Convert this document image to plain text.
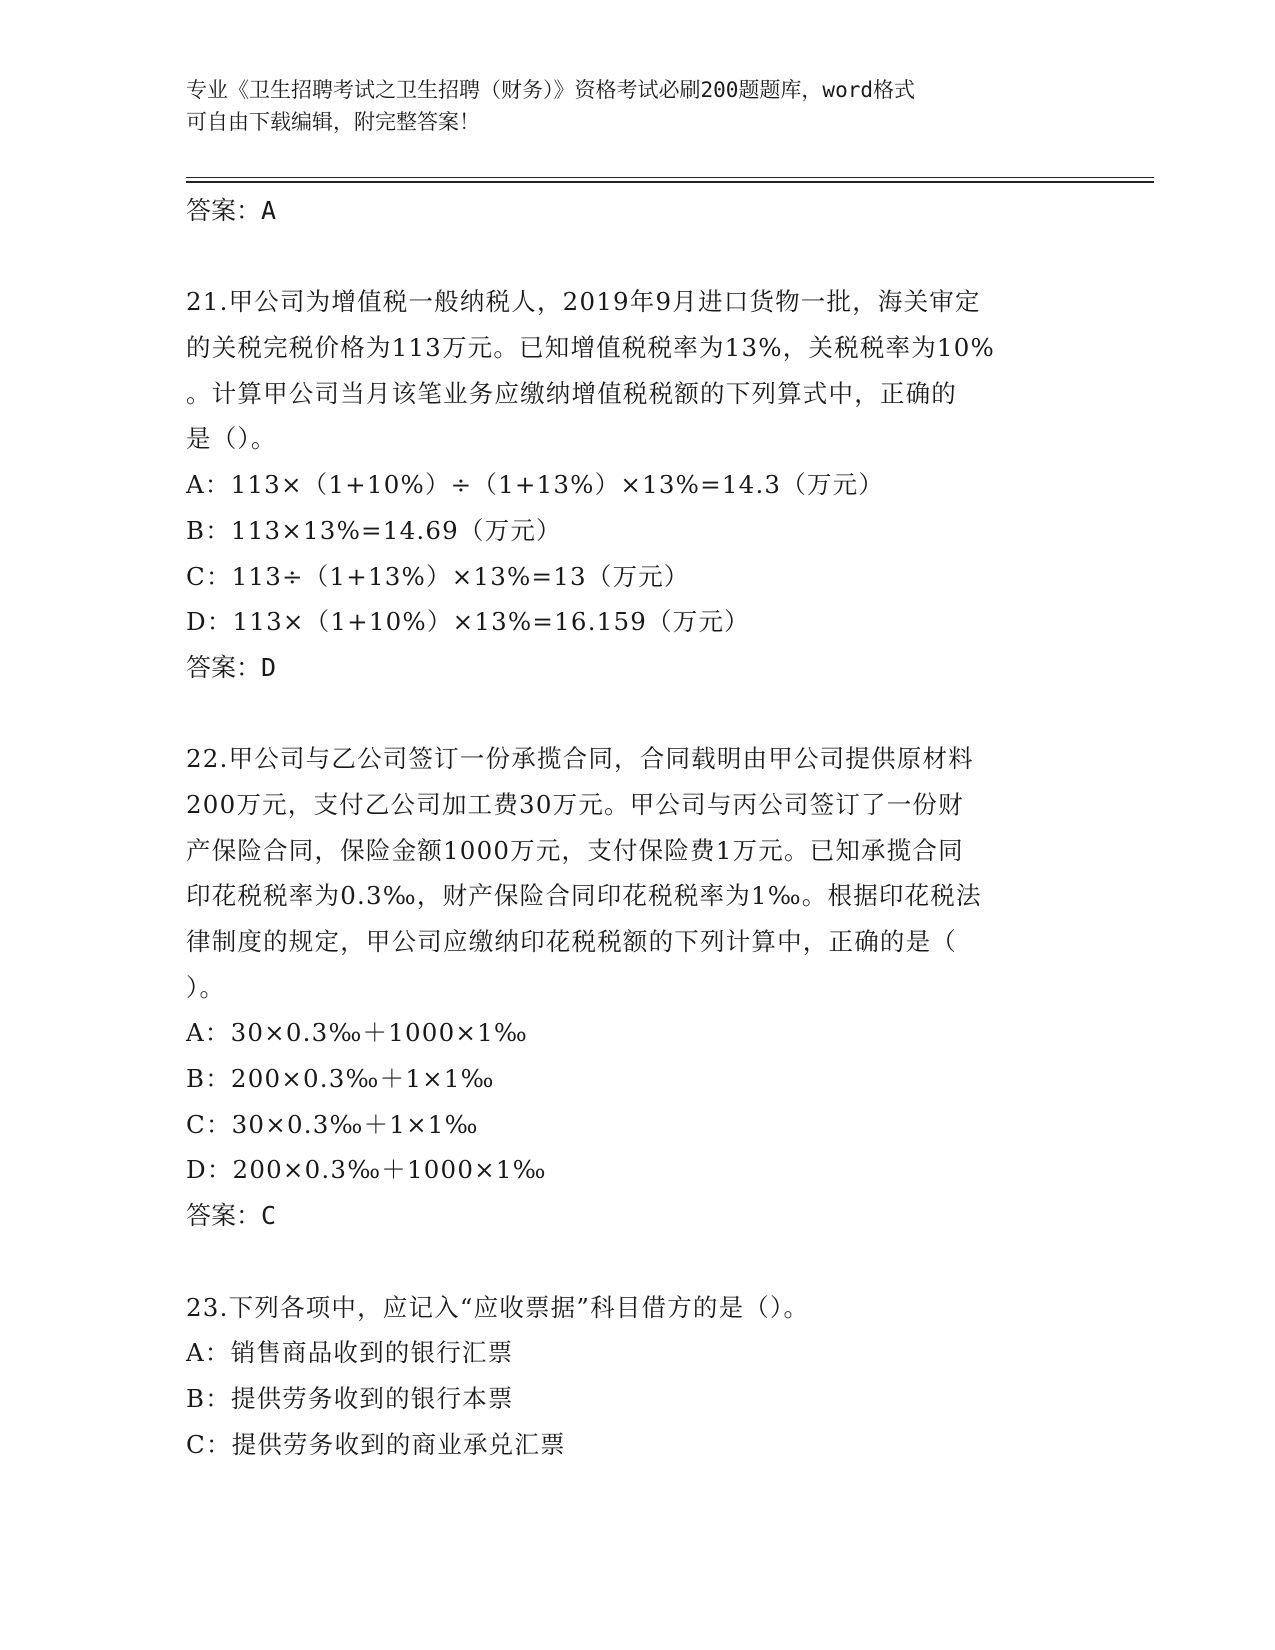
专业《卫生招聘考试之卫生招聘（财务）》资格考试必刷200题题库，word格式
可自由下载编辑，附完整答案！
答案：A
21.甲公司为增值税一般纳税人，2019年9月进口货物一批，海关审定
的关税完税价格为113万元。已知增值税税率为13%，关税税率为10%
。计算甲公司当月该笔业务应缴纳增值税税额的下列算式中，正确的
是（）。
A：113×（1+10%）÷（1+13%）×13%=14.3（万元）
B：113×13%=14.69（万元）
C：113÷（1+13%）×13%=13（万元）
D：113×（1+10%）×13%=16.159（万元）
答案：D
22.甲公司与乙公司签订一份承揽合同，合同载明由甲公司提供原材料
200万元，支付乙公司加工费30万元。甲公司与丙公司签订了一份财
产保险合同，保险金额1000万元，支付保险费1万元。已知承揽合同
印花税税率为0.3‰，财产保险合同印花税税率为1‰。根据印花税法
律制度的规定，甲公司应缴纳印花税税额的下列计算中，正确的是（
）。
A：30×0.3‰＋1000×1‰
B：200×0.3‰＋1×1‰
C：30×0.3‰＋1×1‰
D：200×0.3‰＋1000×1‰
答案：C
23.下列各项中，应记入“应收票据”科目借方的是（）。
A：销售商品收到的银行汇票
B：提供劳务收到的银行本票
C：提供劳务收到的商业承兑汇票
